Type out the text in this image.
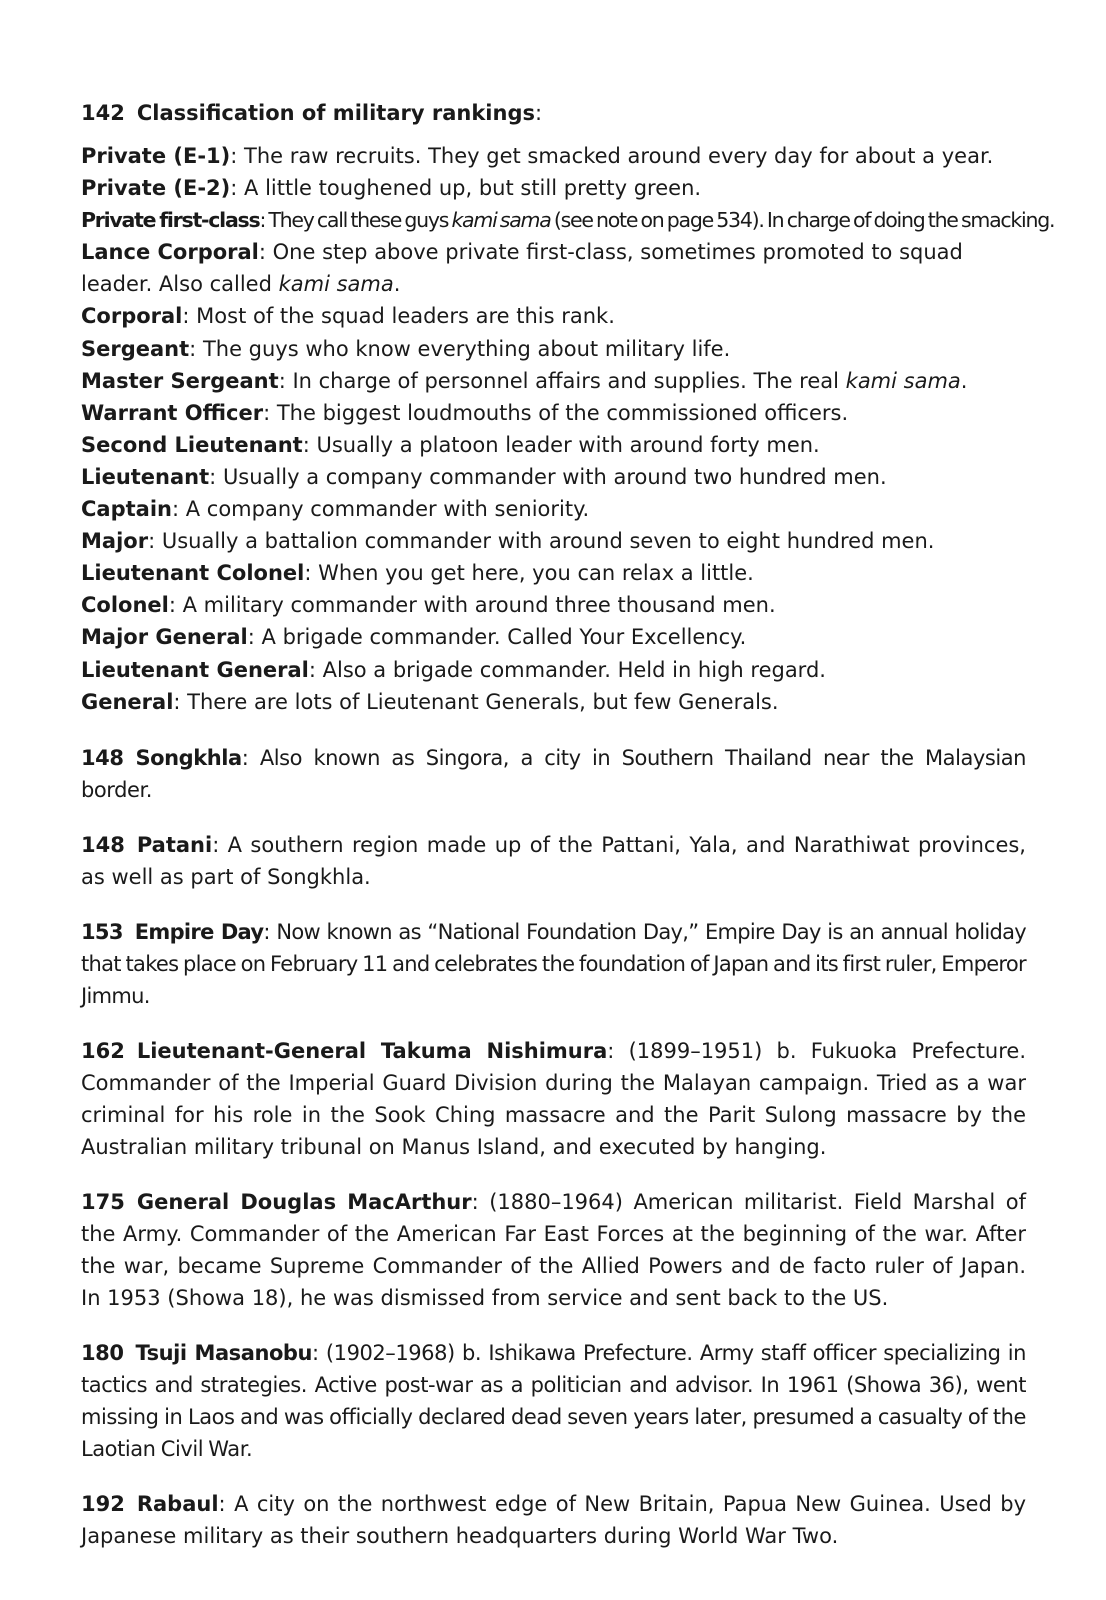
142 Classification of military rankings:
Private (E-1): The raw recruits. They get smacked around every day for about a year.
Private (E-2): A little toughened up, but still pretty green.
Private first-class: They call these guys kami sama (see note on page 534). In charge of doing the smacking.
Lance Corporal: One step above private first-class, sometimes promoted to squad leader. Also called kami sama.
Corporal: Most of the squad leaders are this rank.
Sergeant: The guys who know everything about military life.
Master Sergeant: In charge of personnel affairs and supplies. The real kami sama.
Warrant Officer: The biggest loudmouths of the commissioned officers.
Second Lieutenant: Usually a platoon leader with around forty men.
Lieutenant: Usually a company commander with around two hundred men.
Captain: A company commander with seniority.
Major: Usually a battalion commander with around seven to eight hundred men.
Lieutenant Colonel: When you get here, you can relax a little.
Colonel: A military commander with around three thousand men.
Major General: A brigade commander. Called Your Excellency.
Lieutenant General: Also a brigade commander. Held in high regard.
General: There are lots of Lieutenant Generals, but few Generals.

148 Songkhla: Also known as Singora, a city in Southern Thailand near the Malaysian border.

148 Patani: A southern region made up of the Pattani, Yala, and Narathiwat provinces, as well as part of Songkhla.

153 Empire Day: Now known as “National Foundation Day,” Empire Day is an annual holiday that takes place on February 11 and celebrates the foundation of Japan and its first ruler, Emperor Jimmu.

162 Lieutenant-General Takuma Nishimura: (1899–1951) b. Fukuoka Prefecture. Commander of the Imperial Guard Division during the Malayan campaign. Tried as a war criminal for his role in the Sook Ching massacre and the Parit Sulong massacre by the Australian military tribunal on Manus Island, and executed by hanging.

175 General Douglas MacArthur: (1880–1964) American militarist. Field Marshal of the Army. Commander of the American Far East Forces at the beginning of the war. After the war, became Supreme Commander of the Allied Powers and de facto ruler of Japan. In 1953 (Showa 18), he was dismissed from service and sent back to the US.

180 Tsuji Masanobu: (1902–1968) b. Ishikawa Prefecture. Army staff officer specializing in tactics and strategies. Active post-war as a politician and advisor. In 1961 (Showa 36), went missing in Laos and was officially declared dead seven years later, presumed a casualty of the Laotian Civil War.

192 Rabaul: A city on the northwest edge of New Britain, Papua New Guinea. Used by Japanese military as their southern headquarters during World War Two.
